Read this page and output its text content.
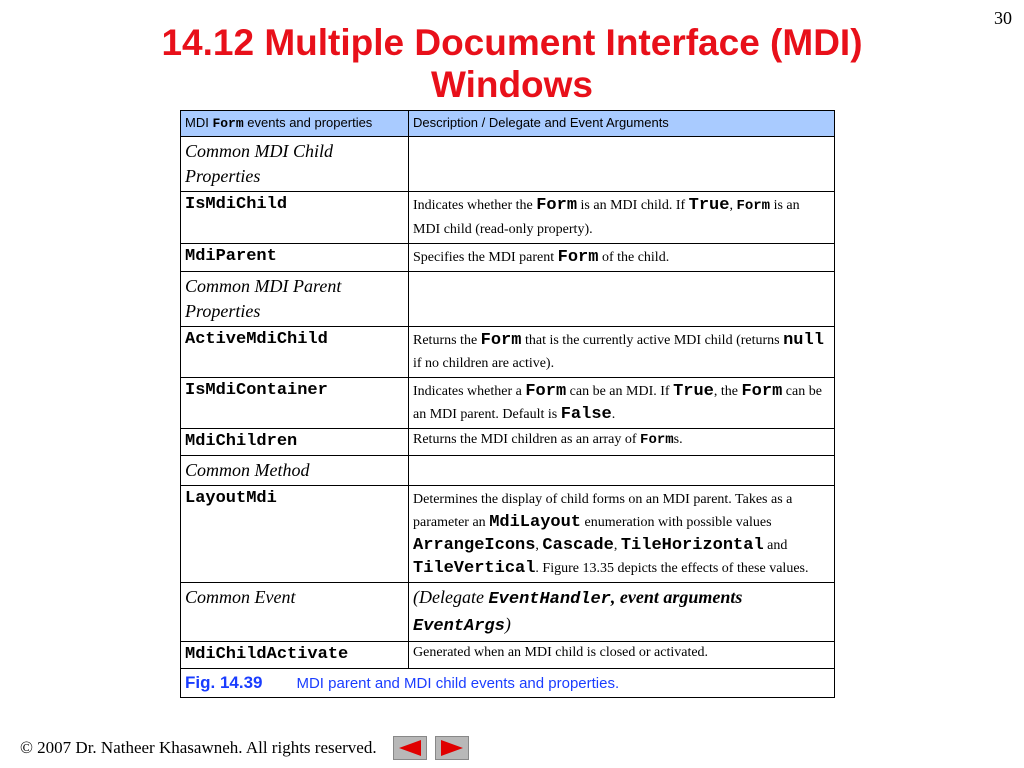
30
14.12 Multiple Document Interface (MDI) Windows
MDI Form events and properties	Description / Delegate and Event Arguments
Common MDI Child Properties	
IsMdiChild	Indicates whether the Form is an MDI child. If True, Form is an MDI child (read-only property).
MdiParent	Specifies the MDI parent Form of the child.
Common MDI Parent Properties	
ActiveMdiChild	Returns the Form that is the currently active MDI child (returns null if no children are active).
IsMdiContainer	Indicates whether a Form can be an MDI. If True, the Form can be an MDI parent. Default is False.
MdiChildren	Returns the MDI children as an array of Forms.
Common Method	
LayoutMdi	Determines the display of child forms on an MDI parent. Takes as a parameter an MdiLayout enumeration with possible values ArrangeIcons, Cascade, TileHorizontal and TileVertical. Figure 13.35 depicts the effects of these values.
Common Event	(Delegate EventHandler, event arguments EventArgs)
MdiChildActivate	Generated when an MDI child is closed or activated.
Fig. 14.39 MDI parent and MDI child events and properties.	
© 2007 Dr. Natheer Khasawneh. All rights reserved.
